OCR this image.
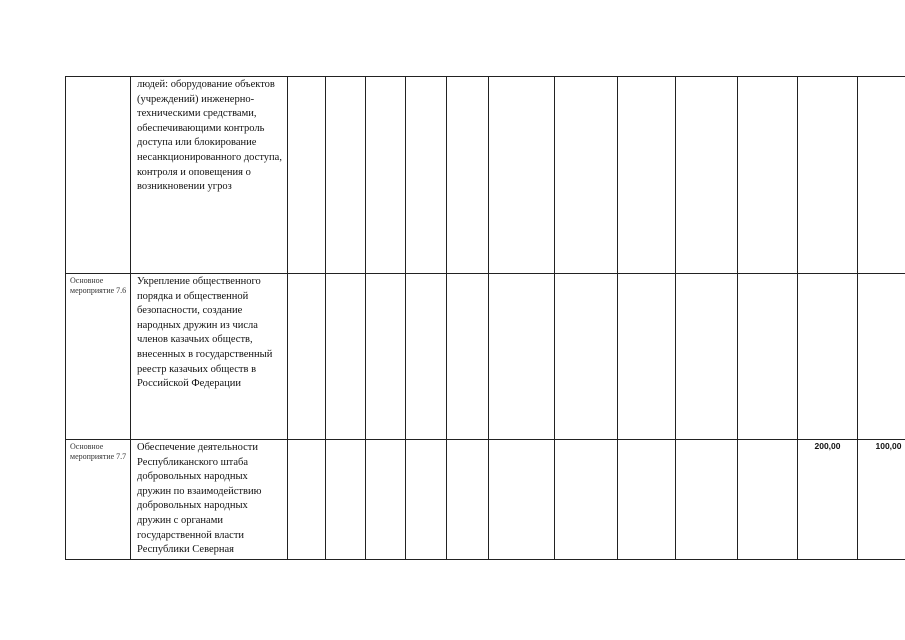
	людей: оборудование объектов (учреждений) инженерно-техническими средствами, обеспечивающими контроль доступа или блокирование несанкционированного доступа, контроля и оповещения о возникновении угроз												
Основное мероприятие 7.6	Укрепление общественного порядка и общественной безопасности, создание народных дружин из числа членов казачьих обществ, внесенных в государственный реестр казачьих обществ в Российской Федерации												
Основное мероприятие 7.7	Обеспечение деятельности Республиканского штаба добровольных народных дружин по взаимодействию добровольных народных дружин с органами государственной власти Республики Северная											200,00	100,00
